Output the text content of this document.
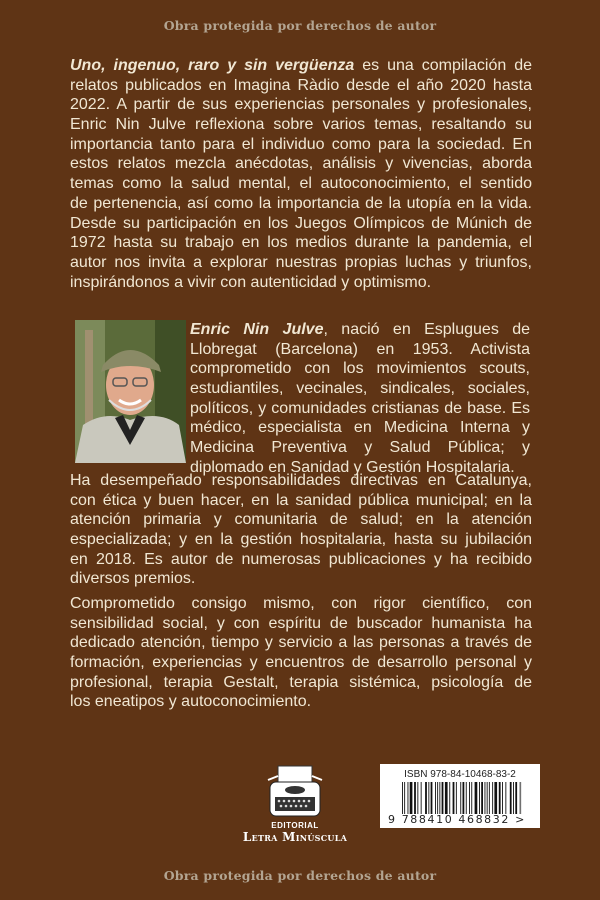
Obra protegida por derechos de autor
Uno, ingenuo, raro y sin vergüenza es una compilación de
relatos publicados en Imagina Ràdio desde el año 2020 hasta
2022. A partir de sus experiencias personales y profesionales,
Enric Nin Julve reflexiona sobre varios temas, resaltando su
importancia tanto para el individuo como para la sociedad. En
estos relatos mezcla anécdotas, análisis y vivencias, aborda
temas como la salud mental, el autoconocimiento, el sentido
de pertenencia, así como la importancia de la utopía en la vida.
Desde su participación en los Juegos Olímpicos de Múnich de
1972 hasta su trabajo en los medios durante la pandemia, el
autor nos invita a explorar nuestras propias luchas y triunfos,
inspirándonos a vivir con autenticidad y optimismo.
Enric Nin Julve, nació en Esplugues de
Llobregat (Barcelona) en 1953. Activista
comprometido con los movimientos scouts,
estudiantiles, vecinales, sindicales, sociales,
políticos, y comunidades cristianas de base. Es
médico, especialista en Medicina Interna y
Medicina Preventiva y Salud Pública; y
diplomado en Sanidad y Gestión Hospitalaria.
Ha desempeñado responsabilidades directivas en Catalunya,
con ética y buen hacer, en la sanidad pública municipal; en la
atención primaria y comunitaria de salud; en la atención
especializada; y en la gestión hospitalaria, hasta su jubilación
en 2018. Es autor de numerosas publicaciones y ha recibido
diversos premios.
Comprometido consigo mismo, con rigor científico, con
sensibilidad social, y con espíritu de buscador humanista ha
dedicado atención, tiempo y servicio a las personas a través de
formación, experiencias y encuentros de desarrollo personal y
profesional, terapia Gestalt, terapia sistémica, psicología de
los eneatipos y autoconocimiento.
EDITORIAL
Letra Minúscula
ISBN 978-84-10468-83-2
9 788410 468832 >
Obra protegida por derechos de autor
